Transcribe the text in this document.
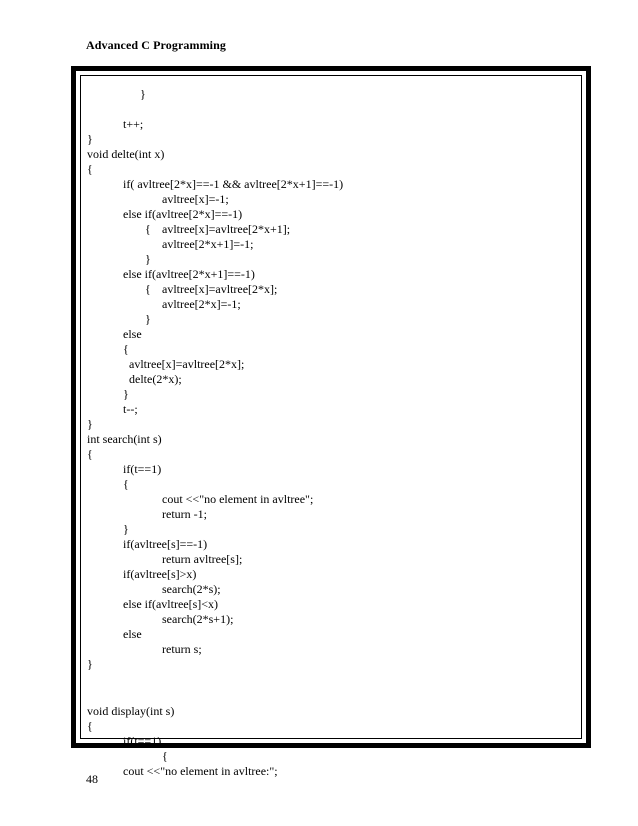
Advanced C Programming
}
t++;
}
void delte(int x)
{
if( avltree[2*x]==-1 && avltree[2*x+1]==-1)
avltree[x]=-1;
else if(avltree[2*x]==-1)
{ avltree[x]=avltree[2*x+1];
avltree[2*x+1]=-1;
}
else if(avltree[2*x+1]==-1)
{ avltree[x]=avltree[2*x];
avltree[2*x]=-1;
}
else
{
avltree[x]=avltree[2*x];
delte(2*x);
}
t--;
}
int search(int s)
{
if(t==1)
{
cout <<"no element in avltree";
return -1;
}
if(avltree[s]==-1)
return avltree[s];
if(avltree[s]>x)
search(2*s);
else if(avltree[s]<x)
search(2*s+1);
else
return s;
}
void display(int s)
{
if(t==1)
{
cout <<"no element in avltree:";
48
